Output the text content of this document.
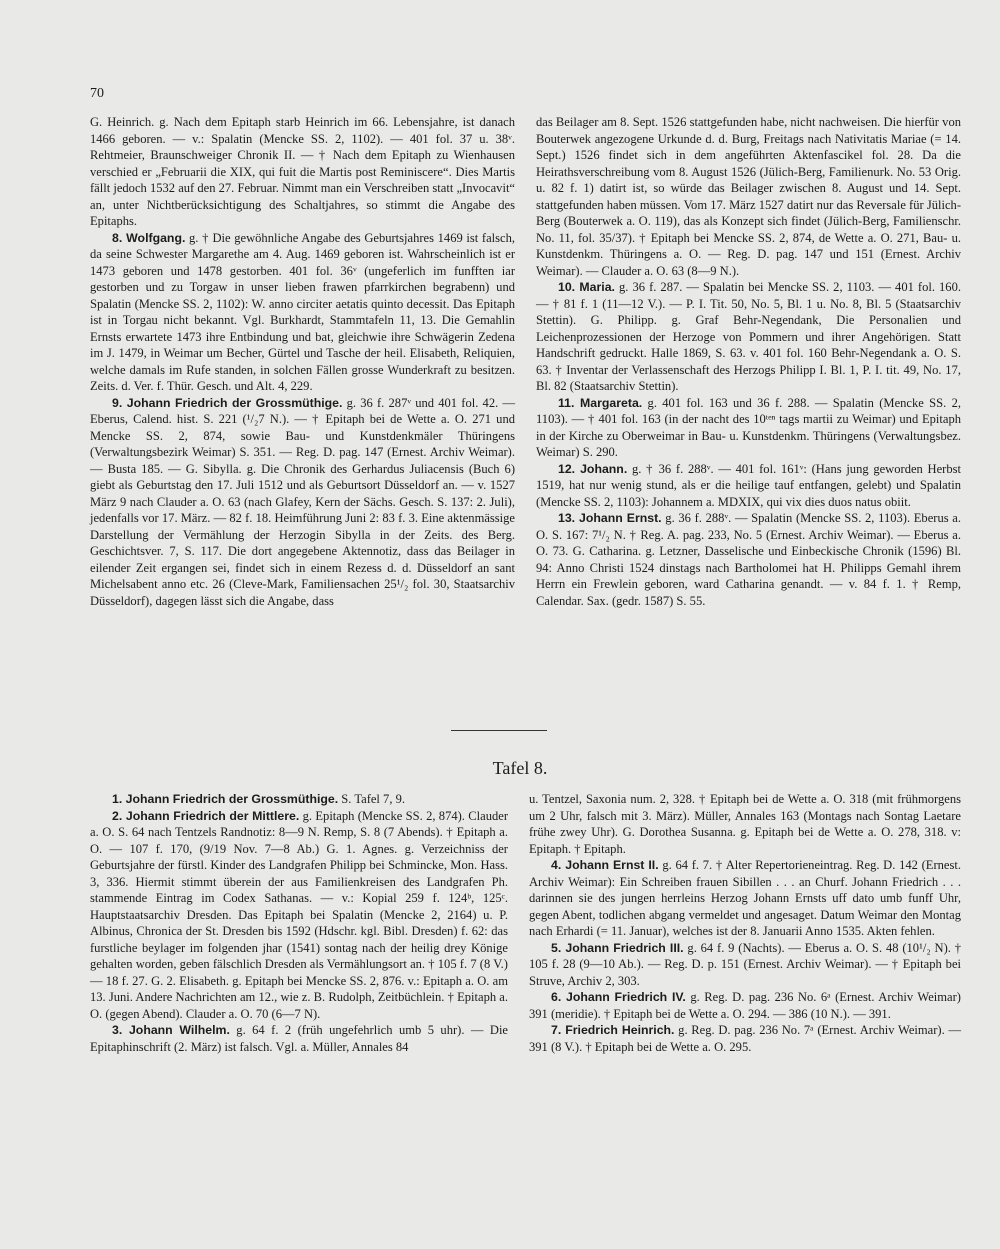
70

G. Heinrich. g. Nach dem Epitaph starb Heinrich im 66. Lebensjahre, ist danach 1466 geboren. — v.: Spalatin (Mencke SS. 2, 1102). — 401 fol. 37 u. 38ᵛ. Rehtmeier, Braunschweiger Chronik II. — † Nach dem Epitaph zu Wienhausen verschied er „Februarii die XIX, qui fuit die Martis post Reminiscere“. Dies Martis fällt jedoch 1532 auf den 27. Februar. Nimmt man ein Verschreiben statt „Invocavit“ an, unter Nichtberücksichtigung des Schaltjahres, so stimmt die Angabe des Epitaphs.

8. Wolfgang. g. † Die gewöhnliche Angabe des Geburtsjahres 1469 ist falsch, da seine Schwester Margarethe am 4. Aug. 1469 geboren ist. Wahrscheinlich ist er 1473 geboren und 1478 gestorben. 401 fol. 36ᵛ (ungeferlich im funfften iar gestorben und zu Torgaw in unser lieben frawen pfarrkirchen begrabenn) und Spalatin (Mencke SS. 2, 1102): W. anno circiter aetatis quinto decessit. Das Epitaph ist in Torgau nicht bekannt. Vgl. Burkhardt, Stammtafeln 11, 13. Die Gemahlin Ernsts erwartete 1473 ihre Entbindung und bat, gleichwie ihre Schwägerin Zedena im J. 1479, in Weimar um Becher, Gürtel und Tasche der heil. Elisabeth, Reliquien, welche damals im Rufe standen, in solchen Fällen grosse Wunderkraft zu besitzen. Zeits. d. Ver. f. Thür. Gesch. und Alt. 4, 229.

9. Johann Friedrich der Grossmüthige. g. 36 f. 287ᵛ und 401 fol. 42. — Eberus, Calend. hist. S. 221 (¹/₂7 N.). — † Epitaph bei de Wette a. O. 271 und Mencke SS. 2, 874, sowie Bau- und Kunstdenkmäler Thüringens (Verwaltungsbezirk Weimar) S. 351. — Reg. D. pag. 147 (Ernest. Archiv Weimar). — Busta 185. — G. Sibylla. g. Die Chronik des Gerhardus Juliacensis (Buch 6) giebt als Geburtstag den 17. Juli 1512 und als Geburtsort Düsseldorf an. — v. 1527 März 9 nach Clauder a. O. 63 (nach Glafey, Kern der Sächs. Gesch. S. 137: 2. Juli), jedenfalls vor 17. März. — 82 f. 18. Heimführung Juni 2: 83 f. 3. Eine aktenmässige Darstellung der Vermählung der Herzogin Sibylla in der Zeits. des Berg. Geschichtsver. 7, S. 117. Die dort angegebene Aktennotiz, dass das Beilager in eilender Zeit ergangen sei, findet sich in einem Rezess d. d. Düsseldorf an sant Michelsabent anno etc. 26 (Cleve-Mark, Familiensachen 25¹/₂ fol. 30, Staatsarchiv Düsseldorf), dagegen lässt sich die Angabe, dass

das Beilager am 8. Sept. 1526 stattgefunden habe, nicht nachweisen. Die hierfür von Bouterwek angezogene Urkunde d. d. Burg, Freitags nach Nativitatis Mariae (= 14. Sept.) 1526 findet sich in dem angeführten Aktenfascikel fol. 28. Da die Heirathsverschreibung vom 8. August 1526 (Jülich-Berg, Familienurk. No. 53 Orig. u. 82 f. 1) datirt ist, so würde das Beilager zwischen 8. August und 14. Sept. stattgefunden haben müssen. Vom 17. März 1527 datirt nur das Reversale für Jülich-Berg (Bouterwek a. O. 119), das als Konzept sich findet (Jülich-Berg, Familienschr. No. 11, fol. 35/37). † Epitaph bei Mencke SS. 2, 874, de Wette a. O. 271, Bau- u. Kunstdenkm. Thüringens a. O. — Reg. D. pag. 147 und 151 (Ernest. Archiv Weimar). — Clauder a. O. 63 (8—9 N.).

10. Maria. g. 36 f. 287. — Spalatin bei Mencke SS. 2, 1103. — 401 fol. 160. — † 81 f. 1 (11—12 V.). — P. I. Tit. 50, No. 5, Bl. 1 u. No. 8, Bl. 5 (Staatsarchiv Stettin). G. Philipp. g. Graf Behr-Negendank, Die Personalien und Leichenprozessionen der Herzoge von Pommern und ihrer Angehörigen. Statt Handschrift gedruckt. Halle 1869, S. 63. v. 401 fol. 160 Behr-Negendank a. O. S. 63. † Inventar der Verlassenschaft des Herzogs Philipp I. Bl. 1, P. I. tit. 49, No. 17, Bl. 82 (Staatsarchiv Stettin).

11. Margareta. g. 401 fol. 163 und 36 f. 288. — Spalatin (Mencke SS. 2, 1103). — † 401 fol. 163 (in der nacht des 10ᵗᵉⁿ tags martii zu Weimar) und Epitaph in der Kirche zu Oberweimar in Bau- u. Kunstdenkm. Thüringens (Verwaltungsbez. Weimar) S. 290.

12. Johann. g. † 36 f. 288ᵛ. — 401 fol. 161ᵛ: (Hans jung geworden Herbst 1519, hat nur wenig stund, als er die heilige tauf entfangen, gelebt) und Spalatin (Mencke SS. 2, 1103): Johannem a. MDXIX, qui vix dies duos natus obiit.

13. Johann Ernst. g. 36 f. 288ᵛ. — Spalatin (Mencke SS. 2, 1103). Eberus a. O. S. 167: 7¹/₂ N. † Reg. A. pag. 233, No. 5 (Ernest. Archiv Weimar). — Eberus a. O. 73. G. Catharina. g. Letzner, Dasselische und Einbeckische Chronik (1596) Bl. 94: Anno Christi 1524 dinstags nach Bartholomei hat H. Philipps Gemahl ihrem Herrn ein Frewlein geboren, ward Catharina genandt. — v. 84 f. 1. † Remp, Calendar. Sax. (gedr. 1587) S. 55.

Tafel 8.

1. Johann Friedrich der Grossmüthige. S. Tafel 7, 9.

2. Johann Friedrich der Mittlere. g. Epitaph (Mencke SS. 2, 874). Clauder a. O. S. 64 nach Tentzels Randnotiz: 8—9 N. Remp, S. 8 (7 Abends). † Epitaph a. O. — 107 f. 170, (9/19 Nov. 7—8 Ab.) G. 1. Agnes. g. Verzeichniss der Geburtsjahre der fürstl. Kinder des Landgrafen Philipp bei Schmincke, Mon. Hass. 3, 336. Hiermit stimmt überein der aus Familienkreisen des Landgrafen Ph. stammende Eintrag im Codex Sathanas. — v.: Kopial 259 f. 124ᵇ, 125ᶜ. Hauptstaatsarchiv Dresden. Das Epitaph bei Spalatin (Mencke 2, 2164) u. P. Albinus, Chronica der St. Dresden bis 1592 (Hdschr. kgl. Bibl. Dresden) f. 62: das furstliche beylager im folgenden jhar (1541) sontag nach der heilig drey Könige gehalten worden, geben fälschlich Dresden als Vermählungsort an. † 105 f. 7 (8 V.) — 18 f. 27. G. 2. Elisabeth. g. Epitaph bei Mencke SS. 2, 876. v.: Epitaph a. O. am 13. Juni. Andere Nachrichten am 12., wie z. B. Rudolph, Zeitbüchlein. † Epitaph a. O. (gegen Abend). Clauder a. O. 70 (6—7 N).

3. Johann Wilhelm. g. 64 f. 2 (früh ungefehrlich umb 5 uhr). — Die Epitaphinschrift (2. März) ist falsch. Vgl. a. Müller, Annales 84

u. Tentzel, Saxonia num. 2, 328. † Epitaph bei de Wette a. O. 318 (mit frühmorgens um 2 Uhr, falsch mit 3. März). Müller, Annales 163 (Montags nach Sontag Laetare frühe zwey Uhr). G. Dorothea Susanna. g. Epitaph bei de Wette a. O. 278, 318. v: Epitaph. † Epitaph.

4. Johann Ernst II. g. 64 f. 7. † Alter Repertorieneintrag. Reg. D. 142 (Ernest. Archiv Weimar): Ein Schreiben frauen Sibillen . . . an Churf. Johann Friedrich . . . darinnen sie des jungen herrleins Herzog Johann Ernsts uff dato umb funff Uhr, gegen Abent, todlichen abgang vermeldet und angesaget. Datum Weimar den Montag nach Erhardi (= 11. Januar), welches ist der 8. Januarii Anno 1535. Akten fehlen.

5. Johann Friedrich III. g. 64 f. 9 (Nachts). — Eberus a. O. S. 48 (10¹/₂ N). † 105 f. 28 (9—10 Ab.). — Reg. D. p. 151 (Ernest. Archiv Weimar). — † Epitaph bei Struve, Archiv 2, 303.

6. Johann Friedrich IV. g. Reg. D. pag. 236 No. 6ᵃ (Ernest. Archiv Weimar) 391 (meridie). † Epitaph bei de Wette a. O. 294. — 386 (10 N.). — 391.

7. Friedrich Heinrich. g. Reg. D. pag. 236 No. 7ᵃ (Ernest. Archiv Weimar). — 391 (8 V.). † Epitaph bei de Wette a. O. 295.
